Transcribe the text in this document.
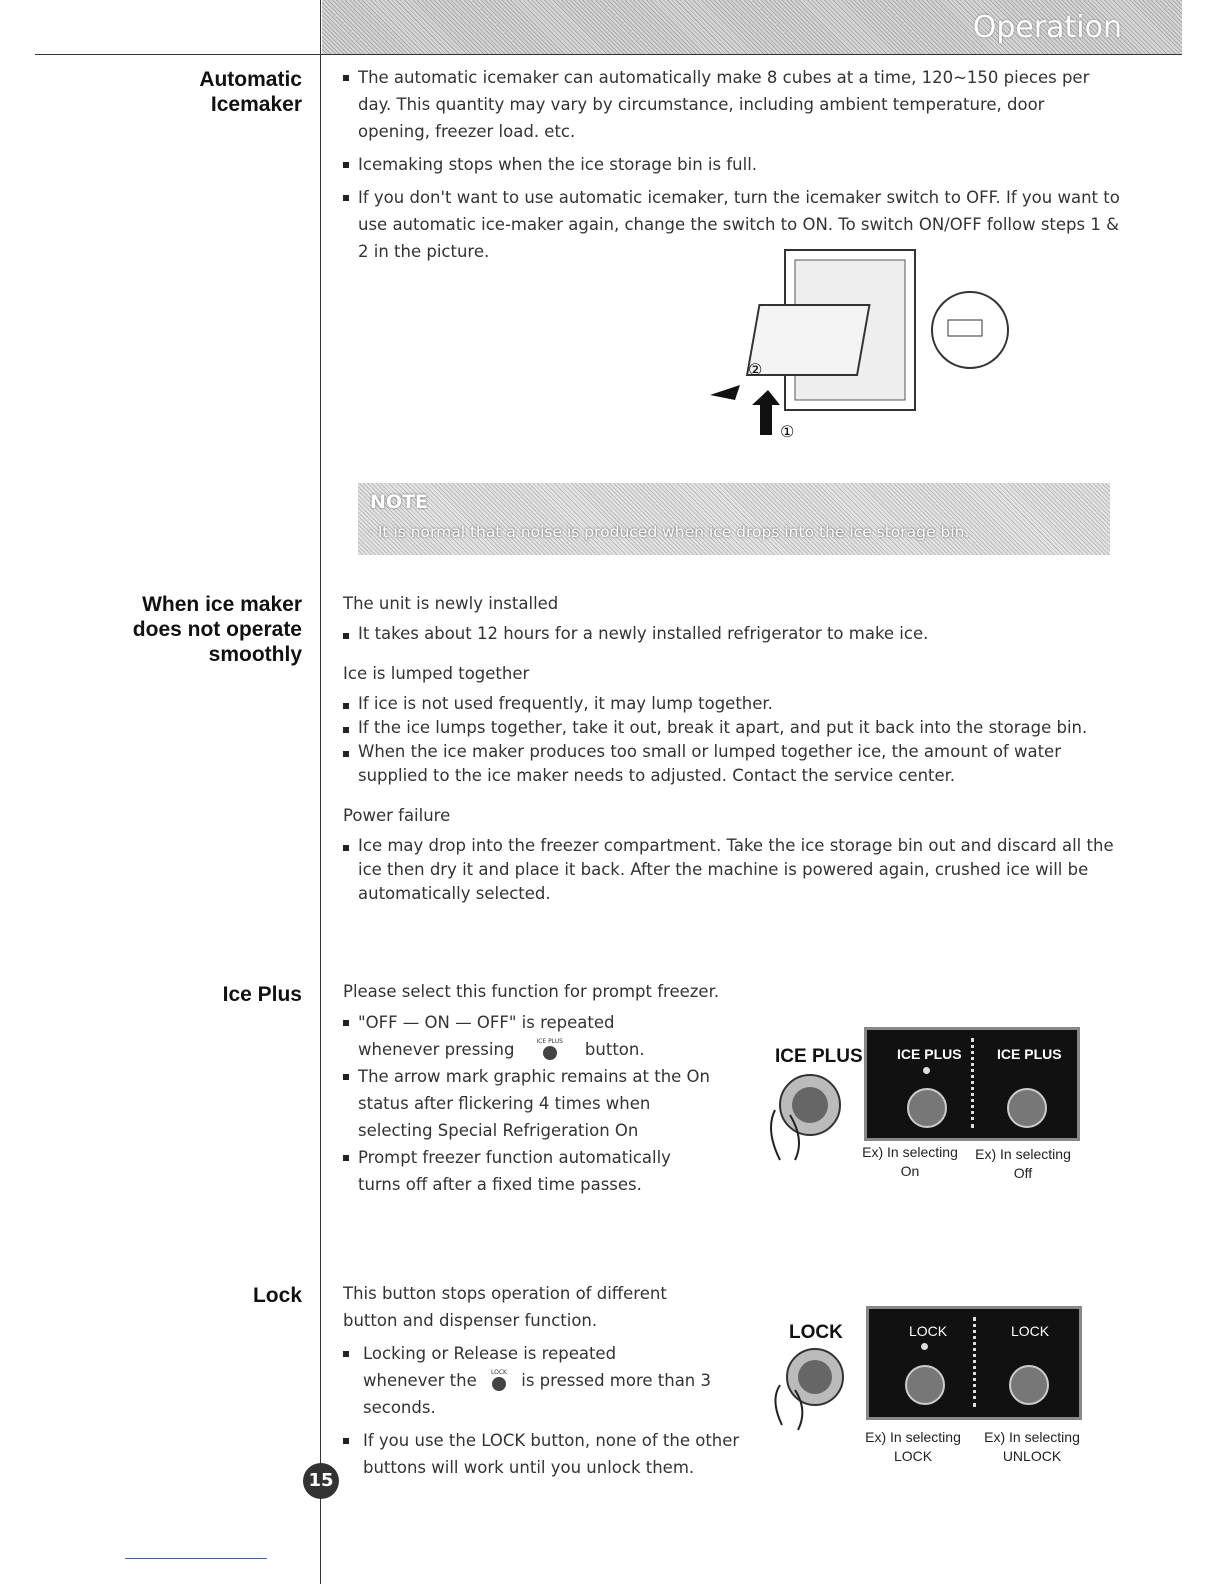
Operation
Automatic
Icemaker
The automatic icemaker can automatically make 8 cubes at a time, 120~150 pieces per day. This quantity may vary by circumstance, including ambient temperature, door opening, freezer load. etc.
Icemaking stops when the ice storage bin is full.
If you don't want to use automatic icemaker, turn the icemaker switch to OFF. If you want to use automatic ice-maker again, change the switch to ON. To switch ON/OFF follow steps 1 & 2 in the picture.
②
①
NOTE
· It is normal that a noise is produced when ice drops into the ice storage bin.
When ice maker
does not operate
smoothly

The unit is newly installed

It takes about 12 hours for a newly installed refrigerator to make ice.

Ice is lumped together

If ice is not used frequently, it may lump together.
If the ice lumps together, take it out, break it apart, and put it back into the storage bin.
When the ice maker produces too small or lumped together ice, the amount of water supplied to the ice maker needs to adjusted. Contact the service center.

Power failure

Ice may drop into the freezer compartment. Take the ice storage bin out and discard all the ice then dry it and place it back. After the machine is powered again, crushed ice will be automatically selected.
Ice Plus Please select this function for prompt freezer.

"OFF — ON — OFF" is repeated
whenever pressing	ICE PLUS button.
The arrow mark graphic remains at the On status after flickering 4 times when selecting Special Refrigeration On
Prompt freezer function automatically turns off after a fixed time passes.
ICE PLUS ICE PLUS	ICE PLUS
Ex) In selecting
On
Ex) In selecting
Off
Lock This button stops operation of different button and dispenser function.

Locking or Release is repeated
whenever the LOCK is pressed more than 3 seconds.
If you use the LOCK button, none of the other buttons will work until you unlock them.
LOCK	LOCK	LOCK
Ex) In selecting
LOCK
Ex) In selecting
UNLOCK
15
